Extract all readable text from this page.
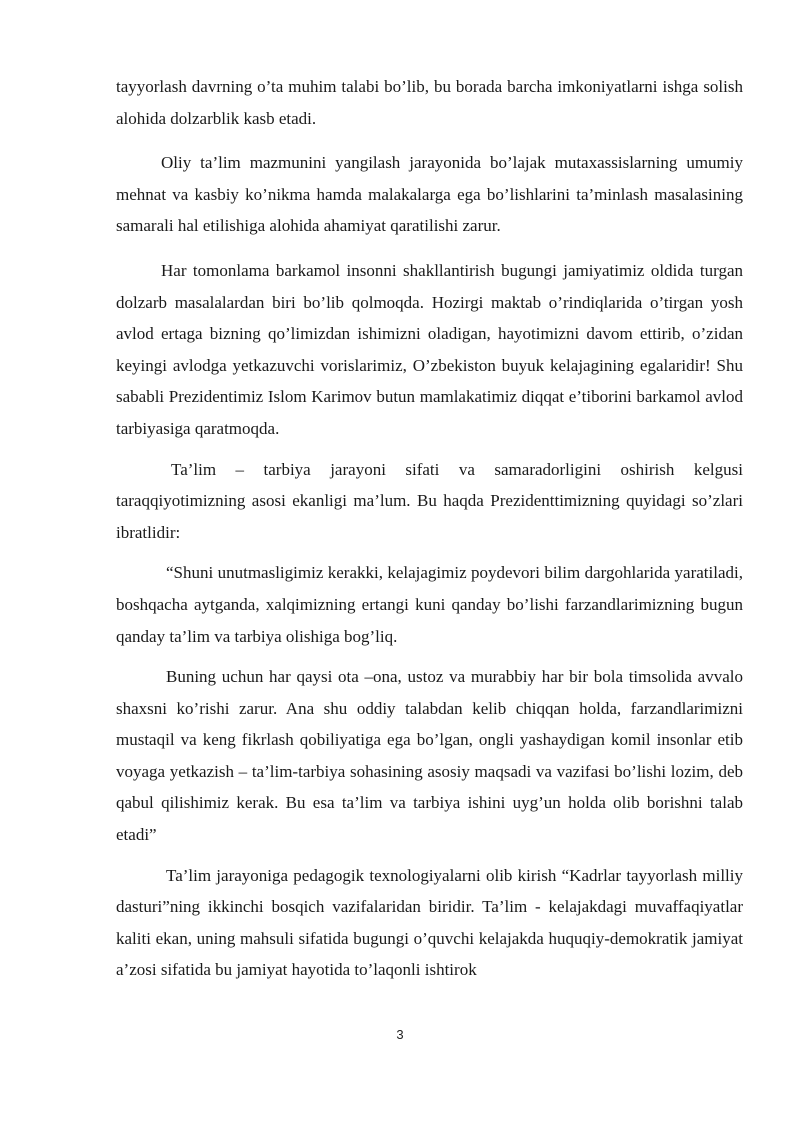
tayyorlash davrning o’ta muhim talabi bo’lib, bu borada barcha imkoniyatlarni ishga solish alohida dolzarblik kasb etadi.

Oliy ta’lim mazmunini yangilash jarayonida bo’lajak mutaxassislarning umumiy mehnat va kasbiy ko’nikma hamda malakalarga ega bo’lishlarini ta’minlash masalasining samarali hal etilishiga alohida ahamiyat qaratilishi zarur.

Har tomonlama barkamol insonni shakllantirish bugungi jamiyatimiz oldida turgan dolzarb masalalardan biri bo’lib qolmoqda. Hozirgi maktab o’rindiqlarida o’tirgan yosh avlod ertaga bizning qo’limizdan ishimizni oladigan, hayotimizni davom ettirib, o’zidan keyingi avlodga yetkazuvchi vorislarimiz, O’zbekiston buyuk kelajagining egalaridir! Shu sababli Prezidentimiz Islom Karimov butun mamlakatimiz diqqat e’tiborini barkamol avlod tarbiyasiga qaratmoqda.

Ta’lim – tarbiya jarayoni sifati va samaradorligini oshirish kelgusi taraqqiyotimizning asosi ekanligi ma’lum. Bu haqda Prezidenttimizning quyidagi so’zlari ibratlidir:

“Shuni unutmasligimiz kerakki, kelajagimiz poydevori bilim dargohlarida yaratiladi, boshqacha aytganda, xalqimizning ertangi kuni qanday bo’lishi farzandlarimizning bugun qanday ta’lim va tarbiya olishiga bog’liq.

Buning uchun har qaysi ota –ona, ustoz va murabbiy har bir bola timsolida avvalo shaxsni ko’rishi zarur. Ana shu oddiy talabdan kelib chiqqan holda, farzandlarimizni mustaqil va keng fikrlash qobiliyatiga ega bo’lgan, ongli yashaydigan komil insonlar etib voyaga yetkazish – ta’lim-tarbiya sohasining asosiy maqsadi va vazifasi bo’lishi lozim, deb qabul qilishimiz kerak. Bu esa ta’lim va tarbiya ishini uyg’un holda olib borishni talab etadi”

Ta’lim jarayoniga pedagogik texnologiyalarni olib kirish “Kadrlar tayyorlash milliy dasturi”ning ikkinchi bosqich vazifalaridan biridir. Ta’lim - kelajakdagi muvaffaqiyatlar kaliti ekan, uning mahsuli sifatida bugungi o’quvchi kelajakda huquqiy-demokratik jamiyat a’zosi sifatida bu jamiyat hayotida to’laqonli ishtirok

3
